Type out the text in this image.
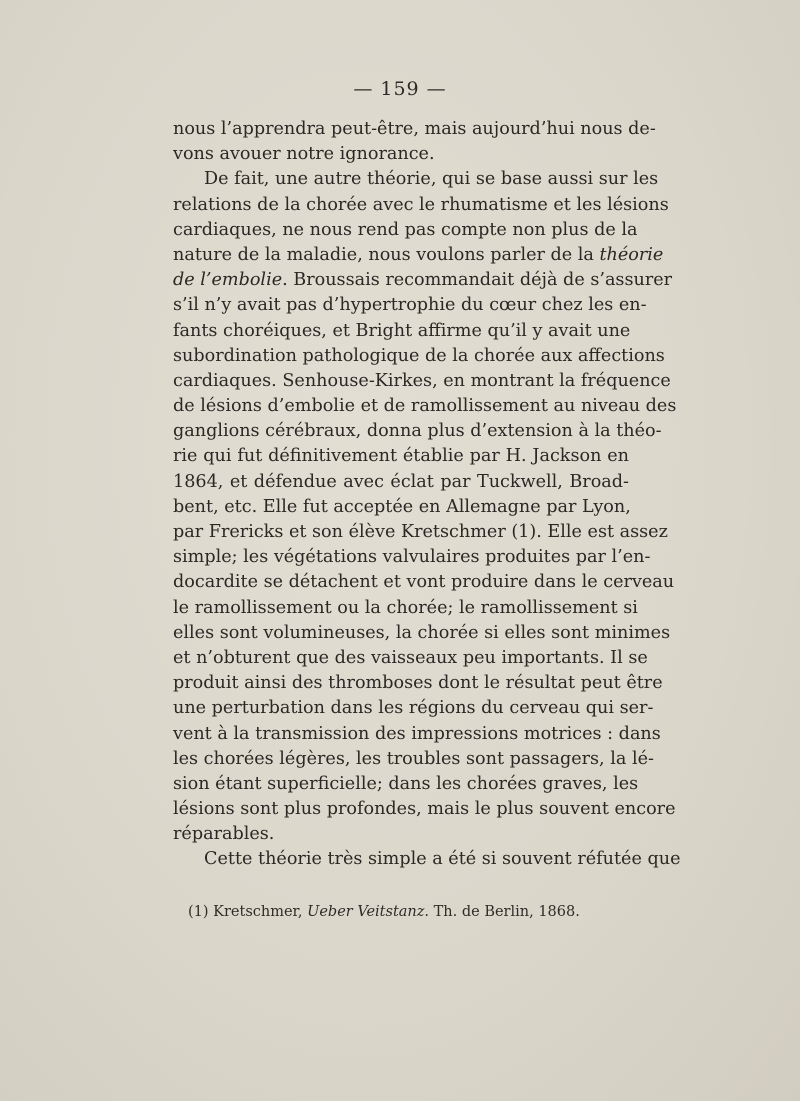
— 159 —
nous l’apprendra peut-être, mais aujourd’hui nous de-
vons avouer notre ignorance.
De fait, une autre théorie, qui se base aussi sur les
relations de la chorée avec le rhumatisme et les lésions
cardiaques, ne nous rend pas compte non plus de la
nature de la maladie, nous voulons parler de la théorie
de l’embolie. Broussais recommandait déjà de s’assurer
s’il n’y avait pas d’hypertrophie du cœur chez les en-
fants choréiques, et Bright affirme qu’il y avait une
subordination pathologique de la chorée aux affections
cardiaques. Senhouse-Kirkes, en montrant la fréquence
de lésions d’embolie et de ramollissement au niveau des
ganglions cérébraux, donna plus d’extension à la théo-
rie qui fut définitivement établie par H. Jackson en
1864, et défendue avec éclat par Tuckwell, Broad-
bent, etc. Elle fut acceptée en Allemagne par Lyon,
par Frericks et son élève Kretschmer (1). Elle est assez
simple; les végétations valvulaires produites par l’en-
docardite se détachent et vont produire dans le cerveau
le ramollissement ou la chorée; le ramollissement si
elles sont volumineuses, la chorée si elles sont minimes
et n’obturent que des vaisseaux peu importants. Il se
produit ainsi des thromboses dont le résultat peut être
une perturbation dans les régions du cerveau qui ser-
vent à la transmission des impressions motrices : dans
les chorées légères, les troubles sont passagers, la lé-
sion étant superficielle; dans les chorées graves, les
lésions sont plus profondes, mais le plus souvent encore
réparables.
Cette théorie très simple a été si souvent réfutée que
(1) Kretschmer, Ueber Veitstanz. Th. de Berlin, 1868.
